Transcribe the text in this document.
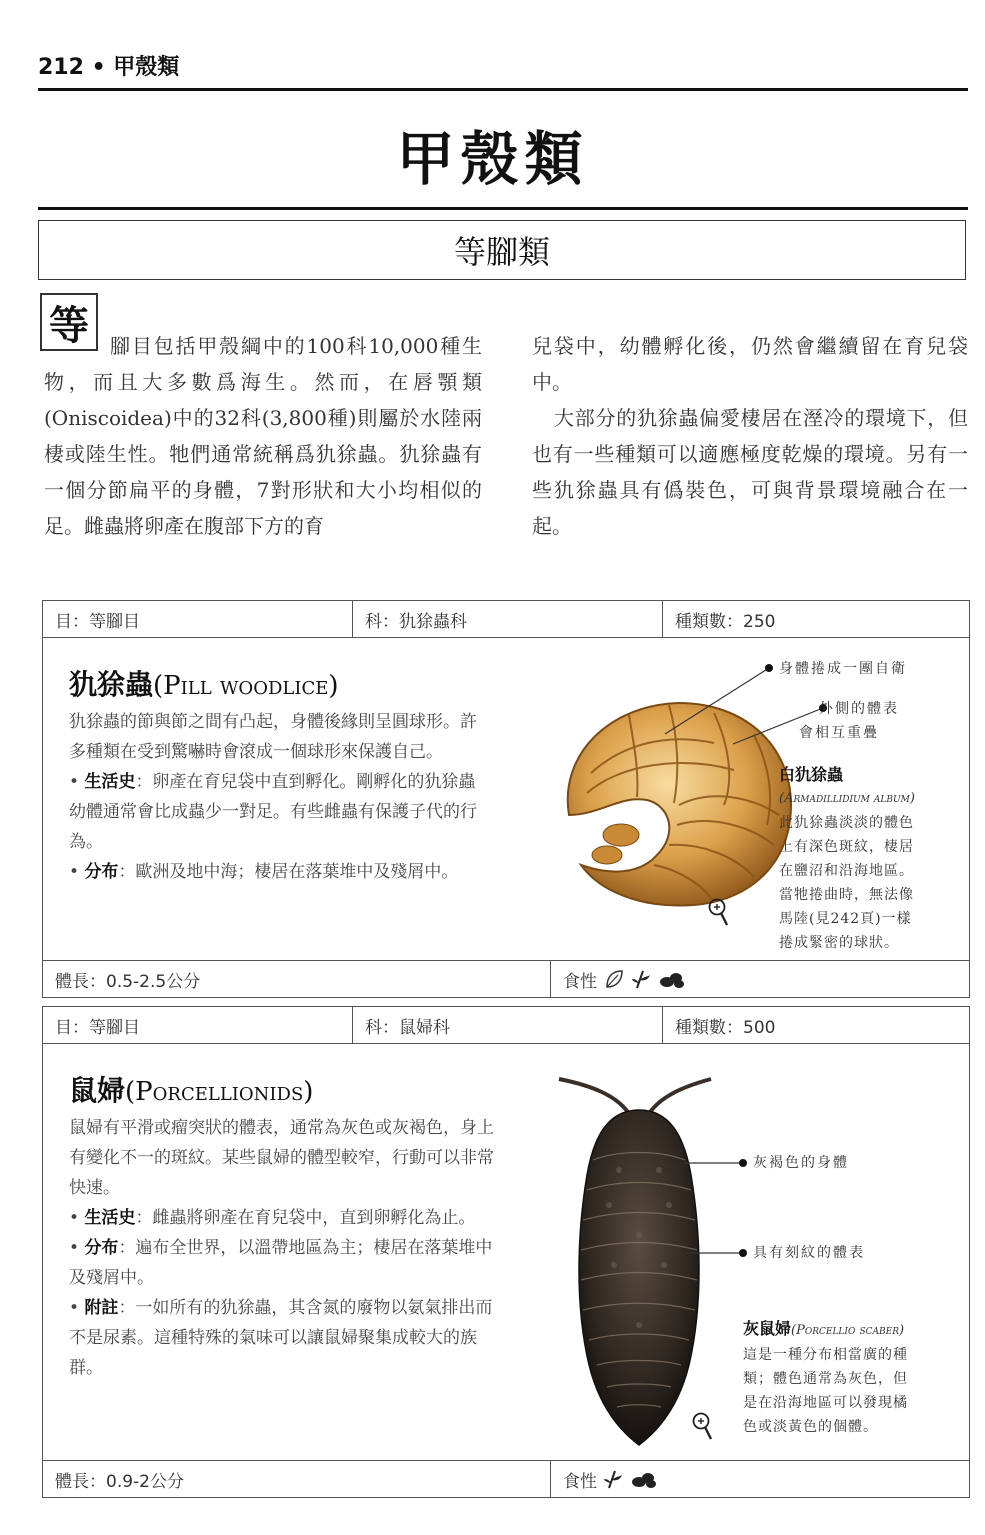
212 • 甲殼類
甲殼類
等腳類
等	腳目包括甲殼綱中的100科10,000種生物，而且大多數爲海生。然而，在唇顎類(Oniscoidea)中的32科(3,800種)則屬於水陸兩棲或陸生性。牠們通常統稱爲犰狳蟲。犰狳蟲有一個分節扁平的身體，7對形狀和大小均相似的足。雌蟲將卵產在腹部下方的育

兒袋中，幼體孵化後，仍然會繼續留在育兒袋中。

大部分的犰狳蟲偏愛棲居在溼冷的環境下，但也有一些種類可以適應極度乾燥的環境。另有一些犰狳蟲具有僞裝色，可與背景環境融合在一起。

目：等腳目	科：犰狳蟲科	種類數：250
犰狳蟲(Pill woodlice)

犰狳蟲的節與節之間有凸起，身體後緣則呈圓球形。許多種類在受到驚嚇時會滾成一個球形來保護自己。

• 生活史：卵產在育兒袋中直到孵化。剛孵化的犰狳蟲幼體通常會比成蟲少一對足。有些雌蟲有保護子代的行為。

• 分布：歐洲及地中海；棲居在落葉堆中及殘屑中。

身體捲成一團自衛
外側的體表
會相互重疊
白犰狳蟲
(Armadillidium album)
此犰狳蟲淡淡的體色
上有深色斑紋，棲居
在鹽沼和沿海地區。
當牠捲曲時，無法像
馬陸(見242頁)一樣
捲成緊密的球狀。
體長：0.5-2.5公分	食性
目：等腳目	科：鼠婦科	種類數：500
鼠婦(Porcellionids)

鼠婦有平滑或瘤突狀的體表，通常為灰色或灰褐色，身上有變化不一的斑紋。某些鼠婦的體型較窄，行動可以非常快速。

• 生活史：雌蟲將卵產在育兒袋中，直到卵孵化為止。

• 分布：遍布全世界，以溫帶地區為主；棲居在落葉堆中及殘屑中。

• 附註：一如所有的犰狳蟲，其含氮的廢物以氨氣排出而不是尿素。這種特殊的氣味可以讓鼠婦聚集成較大的族群。

灰褐色的身體
具有刻紋的體表
灰鼠婦(Porcellio scaber)
這是一種分布相當廣的種
類；體色通常為灰色，但
是在沿海地區可以發現橘
色或淡黃色的個體。
體長：0.9-2公分	食性
